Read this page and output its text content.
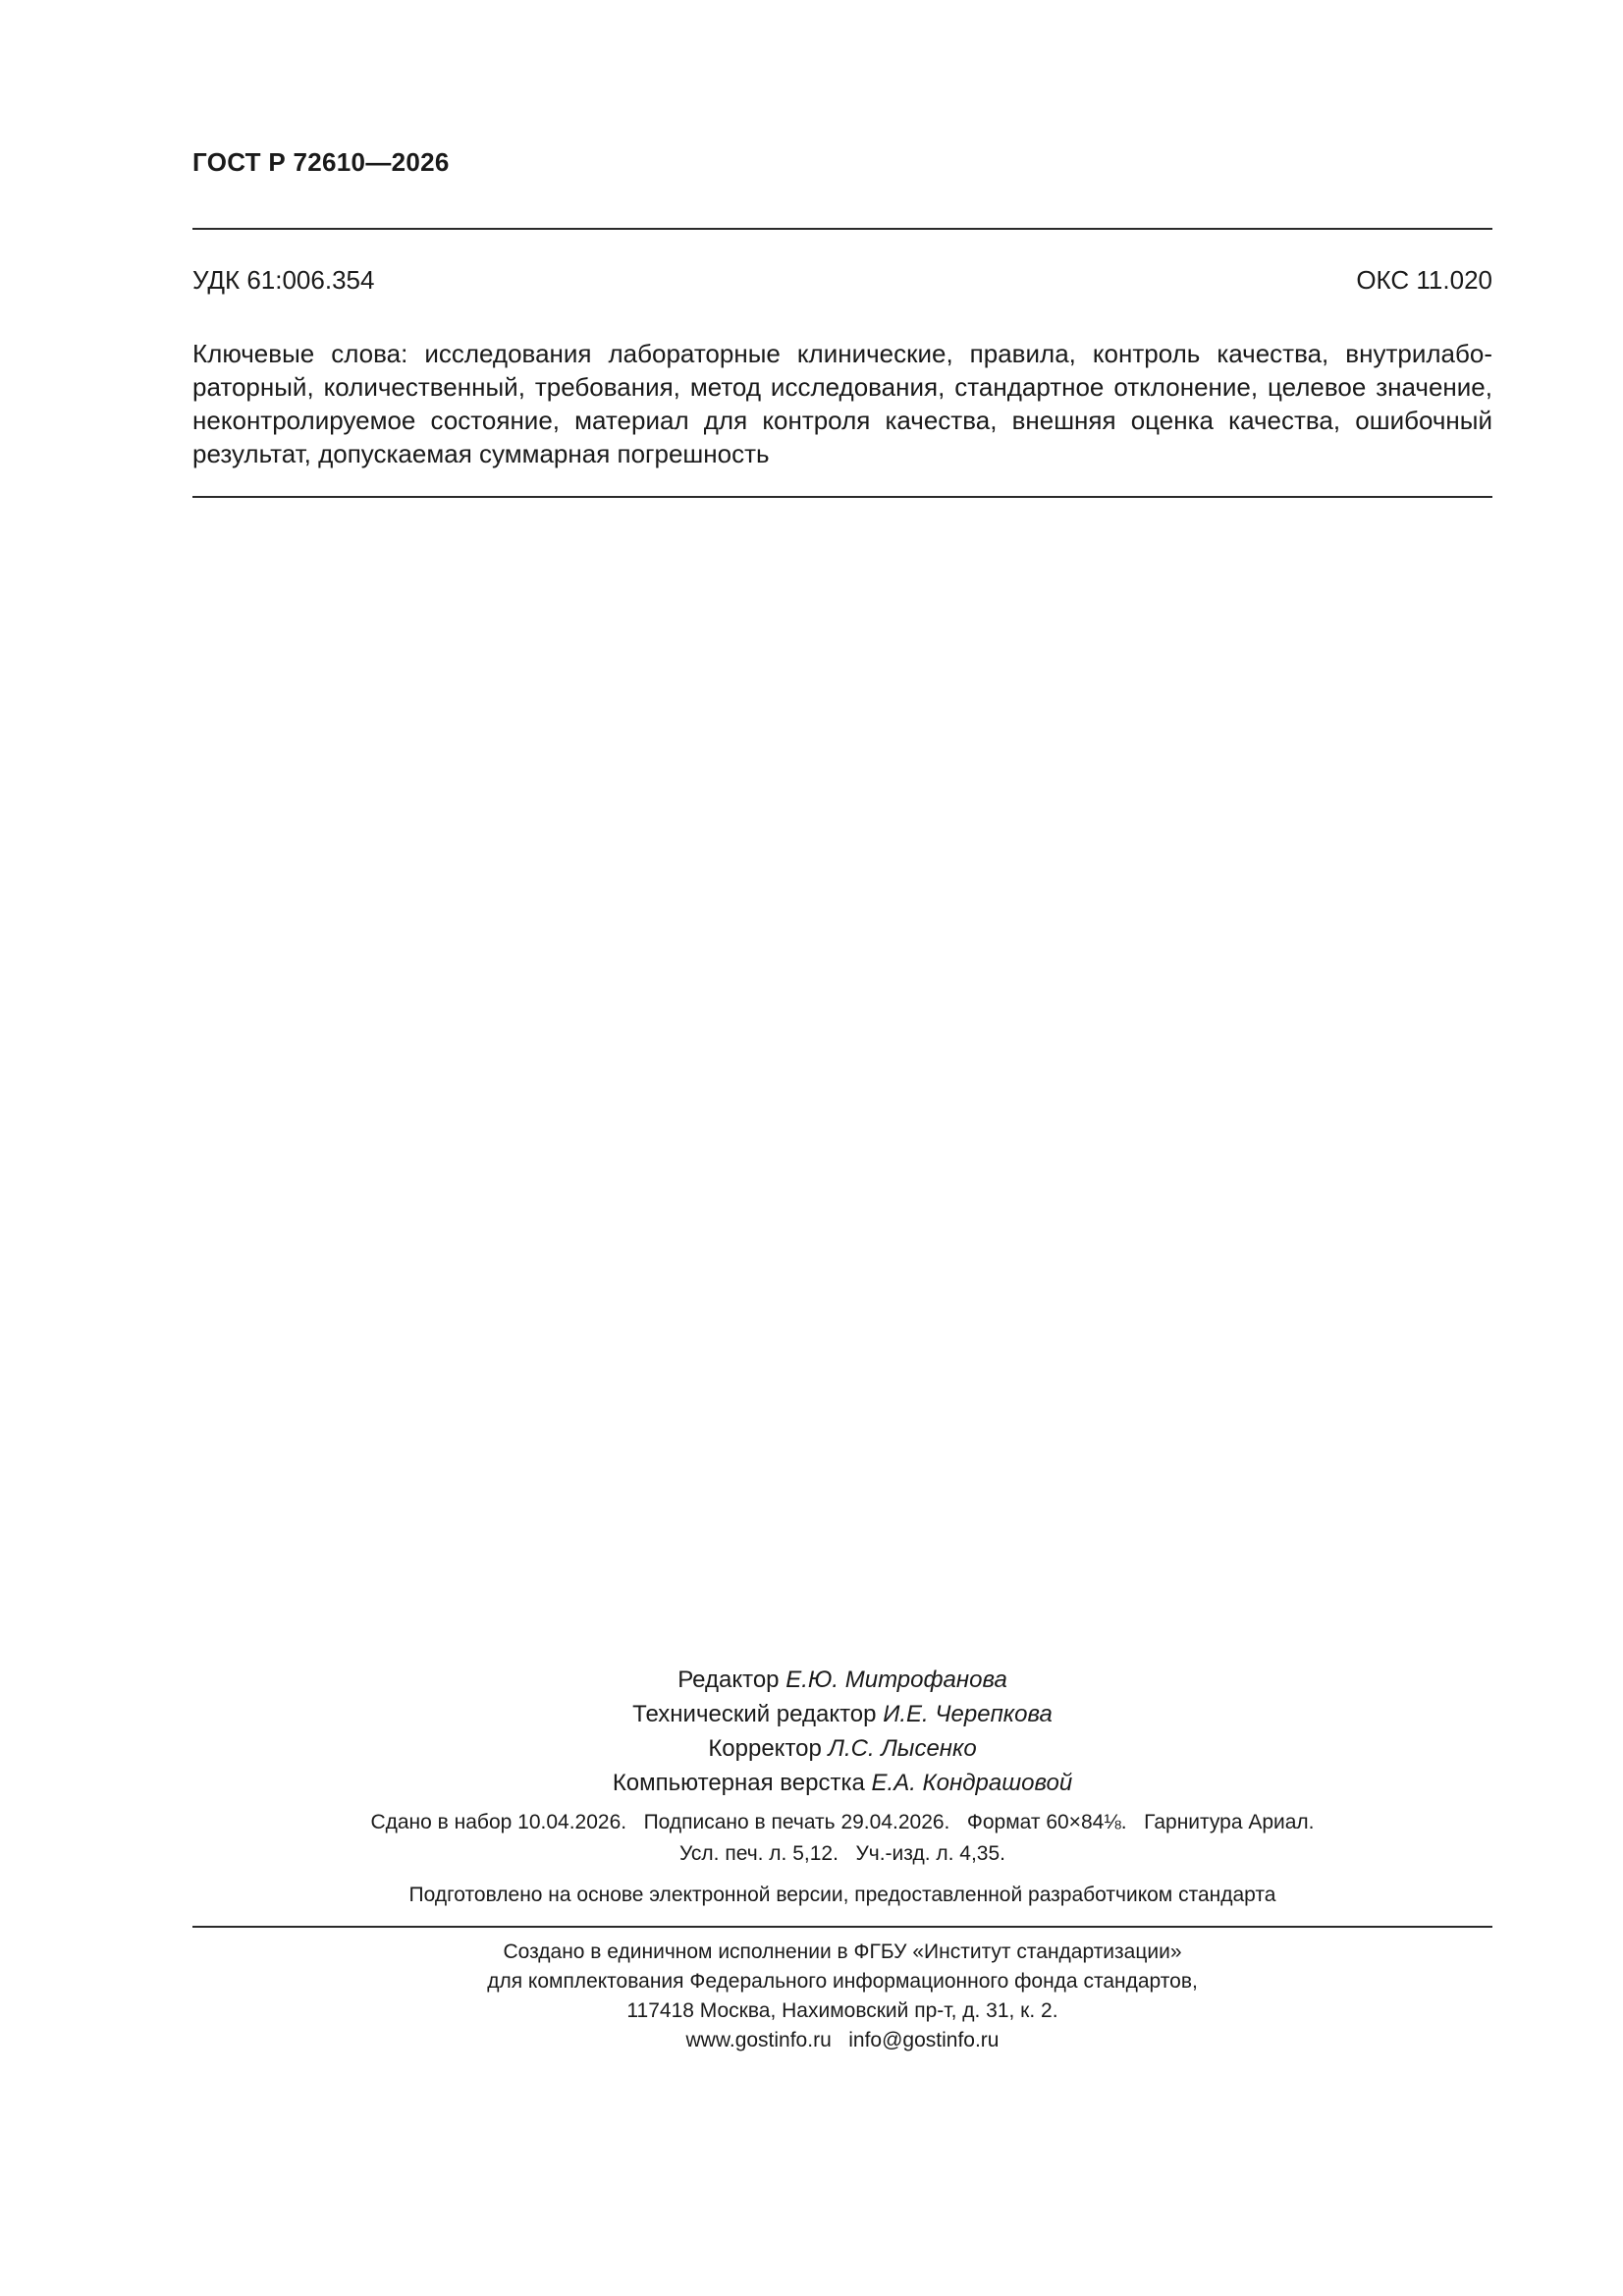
ГОСТ Р 72610—2026
УДК 61:006.354	ОКС 11.020
Ключевые слова: исследования лабораторные клинические, правила, контроль качества, внутрилабораторный, количественный, требования, метод исследования, стандартное отклонение, целевое значение, неконтролируемое состояние, материал для контроля качества, внешняя оценка качества, ошибочный результат, допускаемая суммарная погрешность
Редактор Е.Ю. Митрофанова
Технический редактор И.Е. Черепкова
Корректор Л.С. Лысенко
Компьютерная верстка Е.А. Кондрашовой
Сдано в набор 10.04.2026.   Подписано в печать 29.04.2026.   Формат 60×84⅛.   Гарнитура Ариал.
Усл. печ. л. 5,12.   Уч.-изд. л. 4,35.
Подготовлено на основе электронной версии, предоставленной разработчиком стандарта
Создано в единичном исполнении в ФГБУ «Институт стандартизации»
для комплектования Федерального информационного фонда стандартов,
117418 Москва, Нахимовский пр-т, д. 31, к. 2.
www.gostinfo.ru   info@gostinfo.ru
